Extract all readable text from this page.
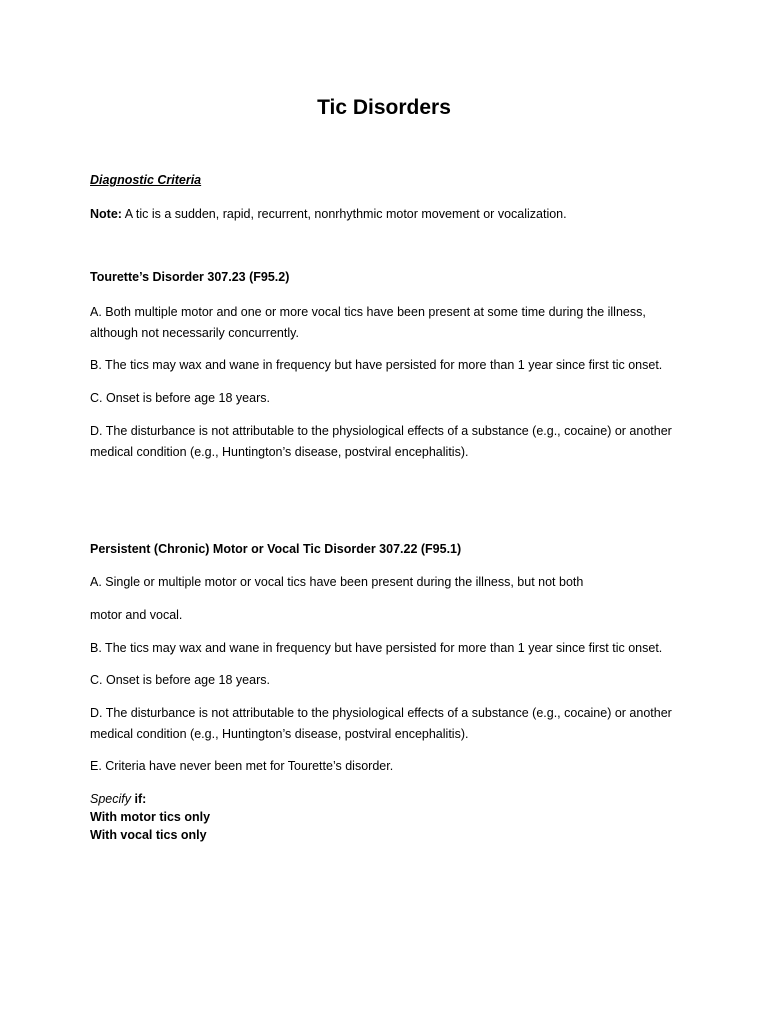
Tic Disorders
Diagnostic Criteria
Note: A tic is a sudden, rapid, recurrent, nonrhythmic motor movement or vocalization.
Tourette’s Disorder 307.23 (F95.2)
A. Both multiple motor and one or more vocal tics have been present at some time during the illness, although not necessarily concurrently.
B. The tics may wax and wane in frequency but have persisted for more than 1 year since first tic onset.
C. Onset is before age 18 years.
D. The disturbance is not attributable to the physiological effects of a substance (e.g., cocaine) or another medical condition (e.g., Huntington’s disease, postviral encephalitis).
Persistent (Chronic) Motor or Vocal Tic Disorder 307.22 (F95.1)
A. Single or multiple motor or vocal tics have been present during the illness, but not both
motor and vocal.
B. The tics may wax and wane in frequency but have persisted for more than 1 year since first tic onset.
C. Onset is before age 18 years.
D. The disturbance is not attributable to the physiological effects of a substance (e.g., cocaine) or another medical condition (e.g., Huntington’s disease, postviral encephalitis).
E. Criteria have never been met for Tourette’s disorder.
Specify if:
With motor tics only
With vocal tics only
